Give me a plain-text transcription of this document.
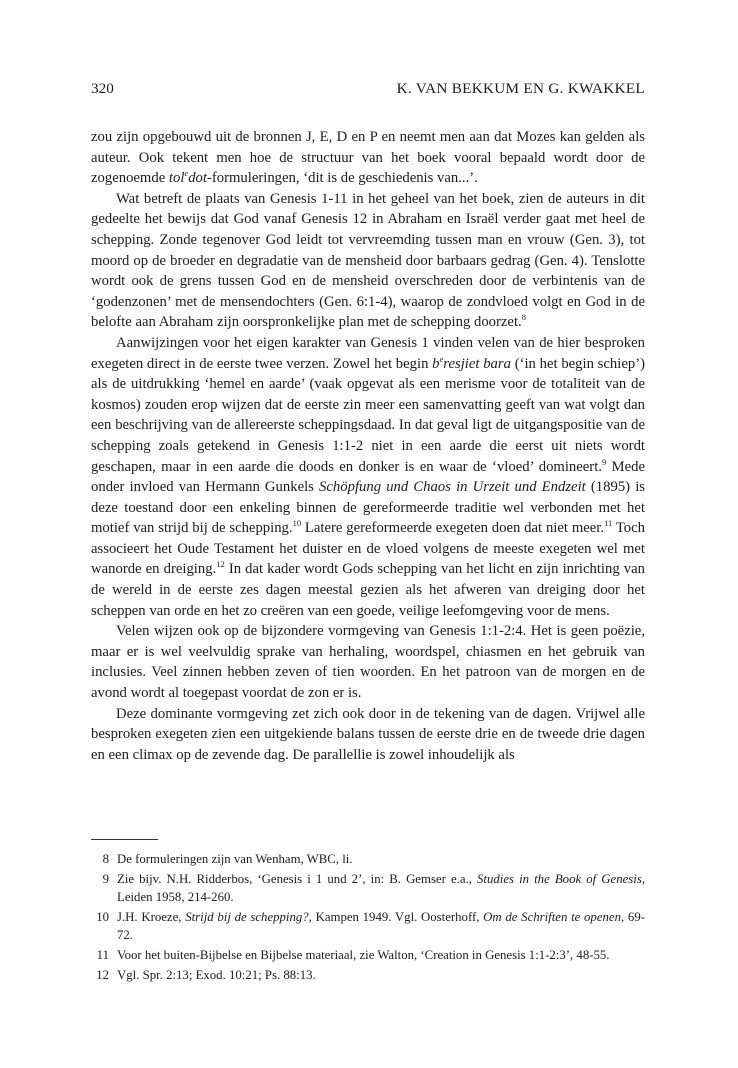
320	K. VAN BEKKUM EN G. KWAKKEL

zou zijn opgebouwd uit de bronnen J, E, D en P en neemt men aan dat Mozes kan gelden als auteur. Ook tekent men hoe de structuur van het boek vooral bepaald wordt door de zogenoemde tol$^e$dot-formuleringen, ‘dit is de geschiedenis van...’.

Wat betreft de plaats van Genesis 1-11 in het geheel van het boek, zien de auteurs in dit gedeelte het bewijs dat God vanaf Genesis 12 in Abraham en Israël verder gaat met heel de schepping. Zonde tegenover God leidt tot vervreemding tussen man en vrouw (Gen. 3), tot moord op de broeder en degradatie van de mensheid door barbaars gedrag (Gen. 4). Tenslotte wordt ook de grens tussen God en de mensheid overschreden door de verbintenis van de ‘godenzonen’ met de mensendochters (Gen. 6:1-4), waarop de zondvloed volgt en God in de belofte aan Abraham zijn oorspronkelijke plan met de schepping doorzet.$^8$

Aanwijzingen voor het eigen karakter van Genesis 1 vinden velen van de hier besproken exegeten direct in de eerste twee verzen. Zowel het begin $b^eresjiet$ bara (‘in het begin schiep’) als de uitdrukking ‘hemel en aarde’ (vaak opgevat als een merisme voor de totaliteit van de kosmos) zouden erop wijzen dat de eerste zin meer een samenvatting geeft van wat volgt dan een beschrijving van de allereerste scheppingsdaad. In dat geval ligt de uitgangspositie van de schepping zoals getekend in Genesis 1:1-2 niet in een aarde die eerst uit niets wordt geschapen, maar in een aarde die doods en donker is en waar de ‘vloed’ domineert.$^9$ Mede onder invloed van Hermann Gunkels Schöpfung und Chaos in Urzeit und Endzeit (1895) is deze toestand door een enkeling binnen de gereformeerde traditie wel verbonden met het motief van strijd bij de schepping.$^{10}$ Latere gereformeerde exegeten doen dat niet meer.$^{11}$ Toch associeert het Oude Testament het duister en de vloed volgens de meeste exegeten wel met wanorde en dreiging.$^{12}$ In dat kader wordt Gods schepping van het licht en zijn inrichting van de wereld in de eerste zes dagen meestal gezien als het afweren van dreiging door het scheppen van orde en het zo creëren van een goede, veilige leefomgeving voor de mens.

Velen wijzen ook op de bijzondere vormgeving van Genesis 1:1-2:4. Het is geen poëzie, maar er is wel veelvuldig sprake van herhaling, woordspel, chiasmen en het gebruik van inclusies. Veel zinnen hebben zeven of tien woorden. En het patroon van de morgen en de avond wordt al toegepast voordat de zon er is.

Deze dominante vormgeving zet zich ook door in de tekening van de dagen. Vrijwel alle besproken exegeten zien een uitgekiende balans tussen de eerste drie en de tweede drie dagen en een climax op de zevende dag. De parallellie is zowel inhoudelijk als

8 De formuleringen zijn van Wenham, WBC, li.
9 Zie bijv. N.H. Ridderbos, ‘Genesis i 1 und 2’, in: B. Gemser e.a., Studies in the Book of Genesis, Leiden 1958, 214-260.
10 J.H. Kroeze, Strijd bij de schepping?, Kampen 1949. Vgl. Oosterhoff, Om de Schriften te openen, 69-72.
11 Voor het buiten-Bijbelse en Bijbelse materiaal, zie Walton, ‘Creation in Genesis 1:1-2:3’, 48-55.
12 Vgl. Spr. 2:13; Exod. 10:21; Ps. 88:13.
